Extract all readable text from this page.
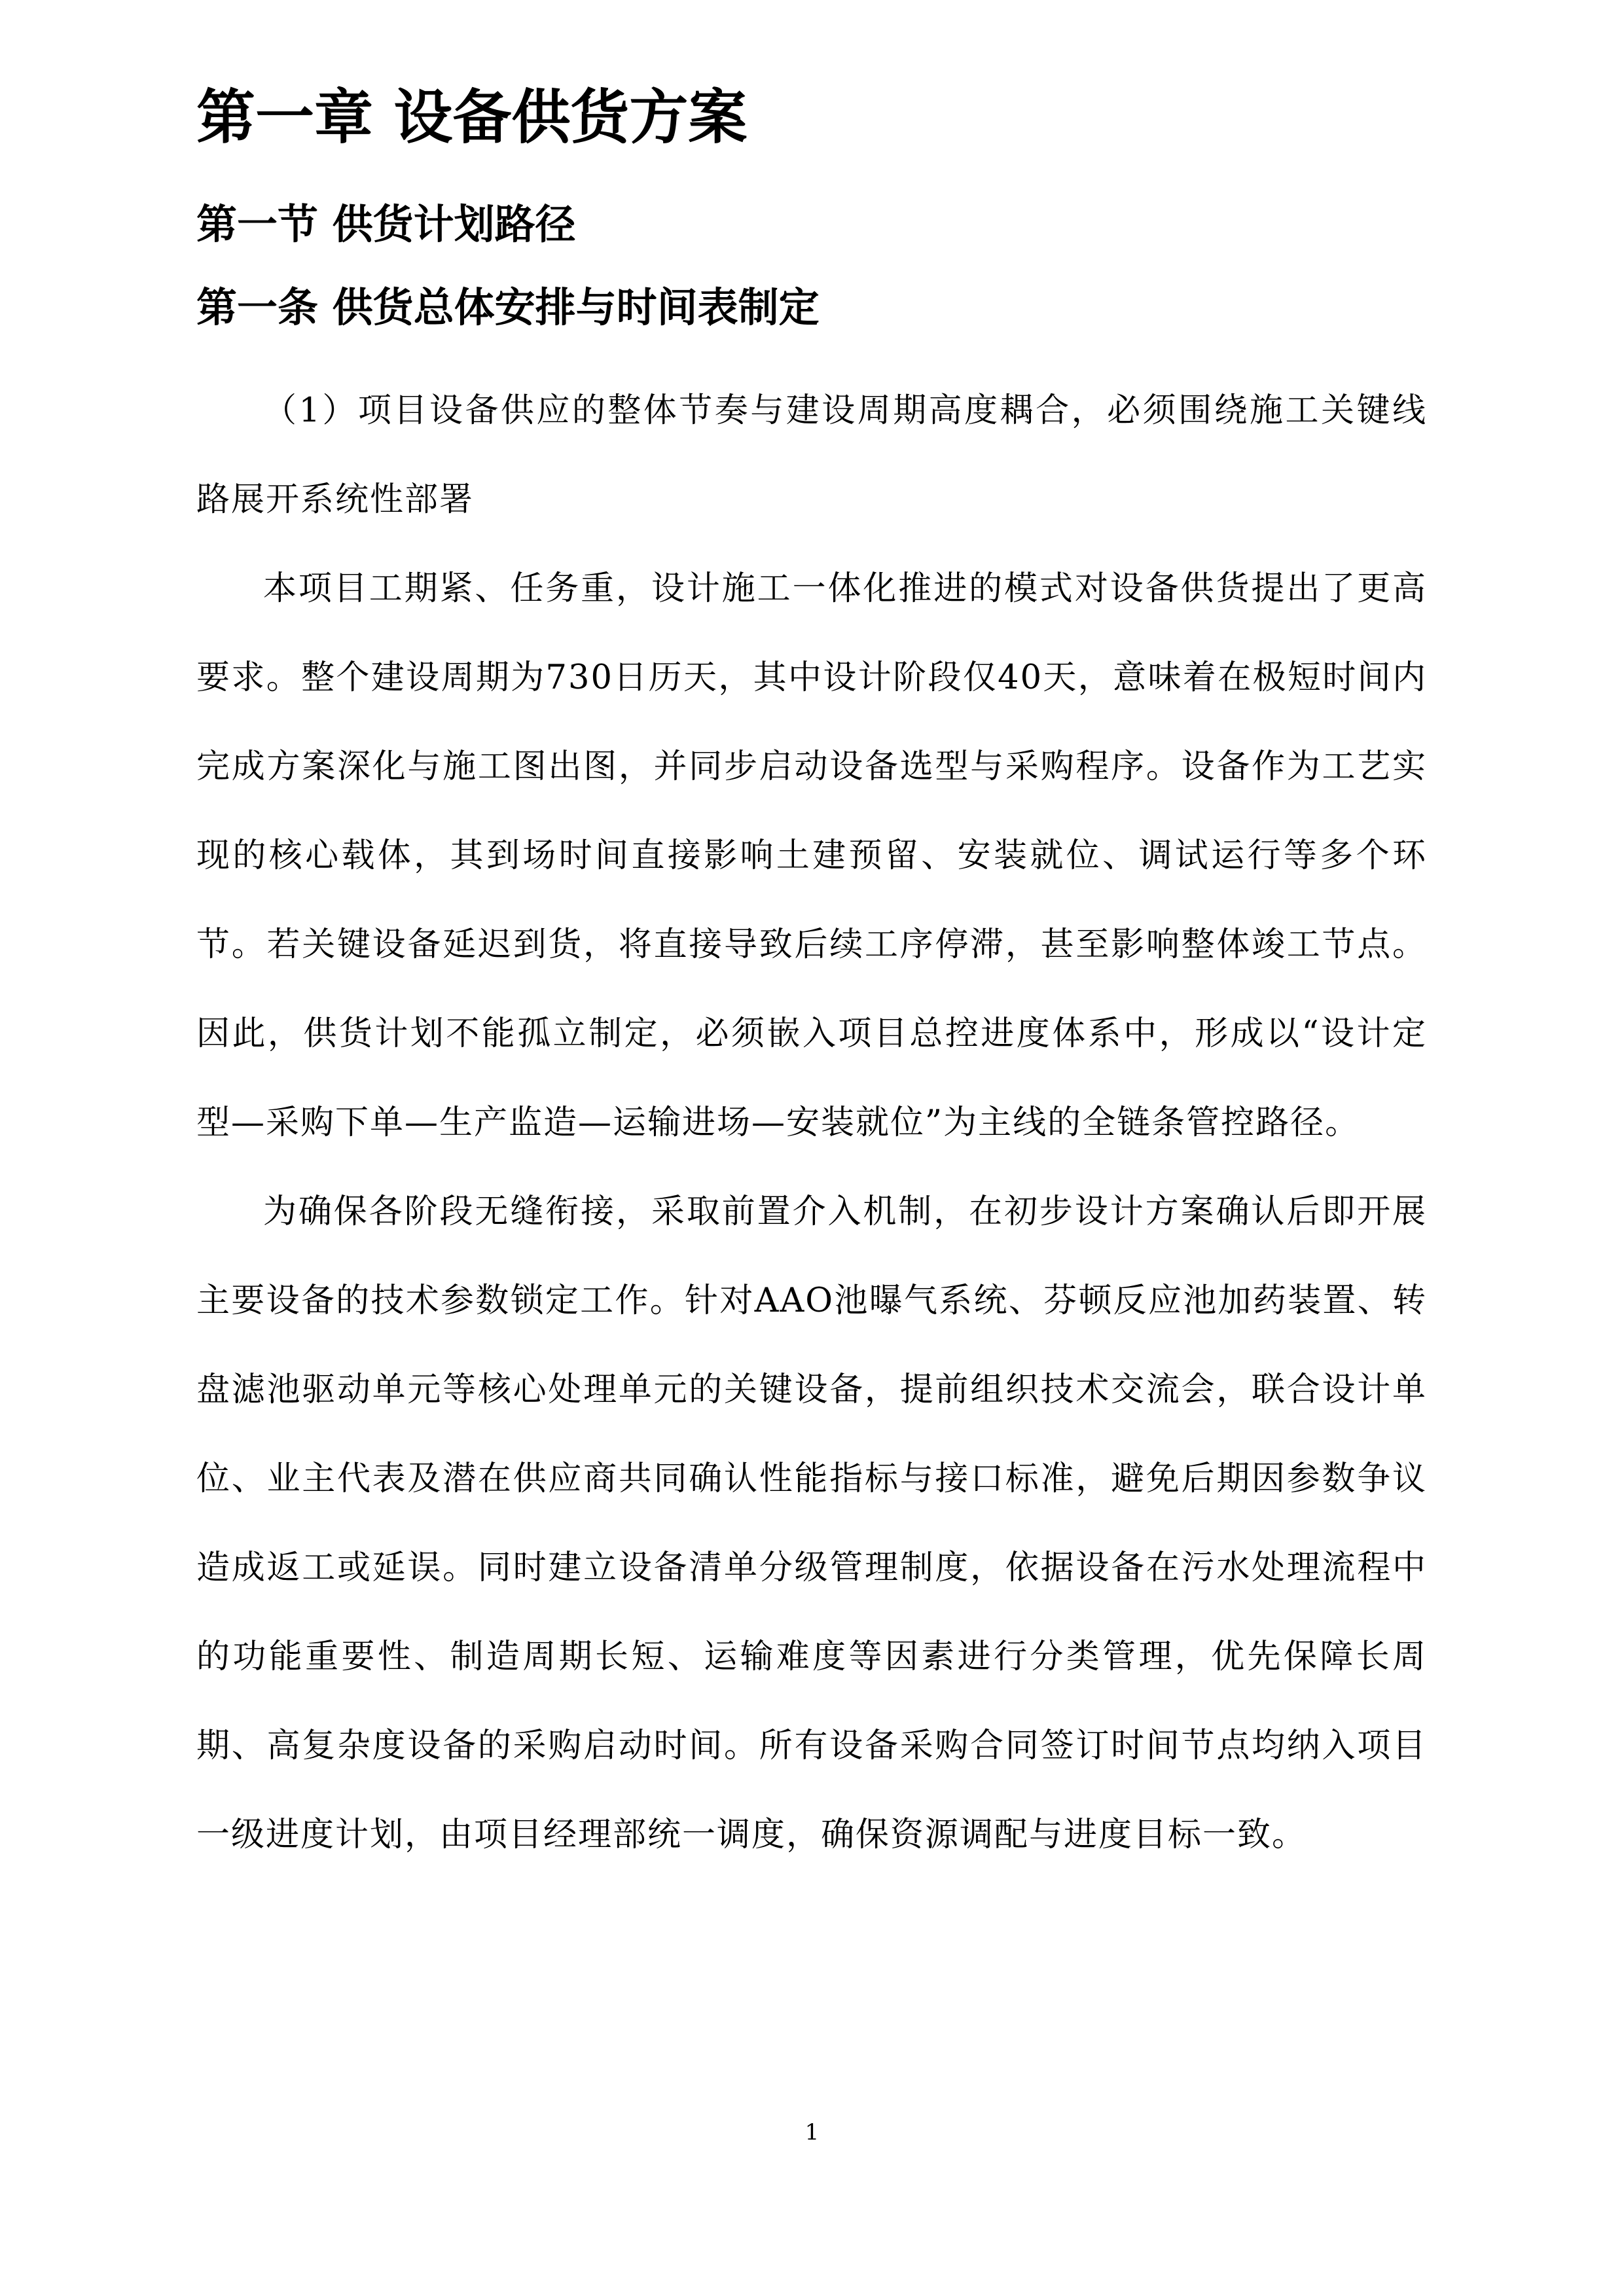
第一章 设备供货方案
第一节 供货计划路径
第一条 供货总体安排与时间表制定

（1）项目设备供应的整体节奏与建设周期高度耦合，必须围绕施工关键线路展开系统性部署

本项目工期紧、任务重，设计施工一体化推进的模式对设备供货提出了更高要求。整个建设周期为730日历天，其中设计阶段仅40天，意味着在极短时间内完成方案深化与施工图出图，并同步启动设备选型与采购程序。设备作为工艺实现的核心载体，其到场时间直接影响土建预留、安装就位、调试运行等多个环节。若关键设备延迟到货，将直接导致后续工序停滞，甚至影响整体竣工节点。因此，供货计划不能孤立制定，必须嵌入项目总控进度体系中，形成以“设计定型—采购下单—生产监造—运输进场—安装就位”为主线的全链条管控路径。

为确保各阶段无缝衔接，采取前置介入机制，在初步设计方案确认后即开展主要设备的技术参数锁定工作。针对AAO池曝气系统、芬顿反应池加药装置、转盘滤池驱动单元等核心处理单元的关键设备，提前组织技术交流会，联合设计单位、业主代表及潜在供应商共同确认性能指标与接口标准，避免后期因参数争议造成返工或延误。同时建立设备清单分级管理制度，依据设备在污水处理流程中的功能重要性、制造周期长短、运输难度等因素进行分类管理，优先保障长周期、高复杂度设备的采购启动时间。所有设备采购合同签订时间节点均纳入项目一级进度计划，由项目经理部统一调度，确保资源调配与进度目标一致。

1
